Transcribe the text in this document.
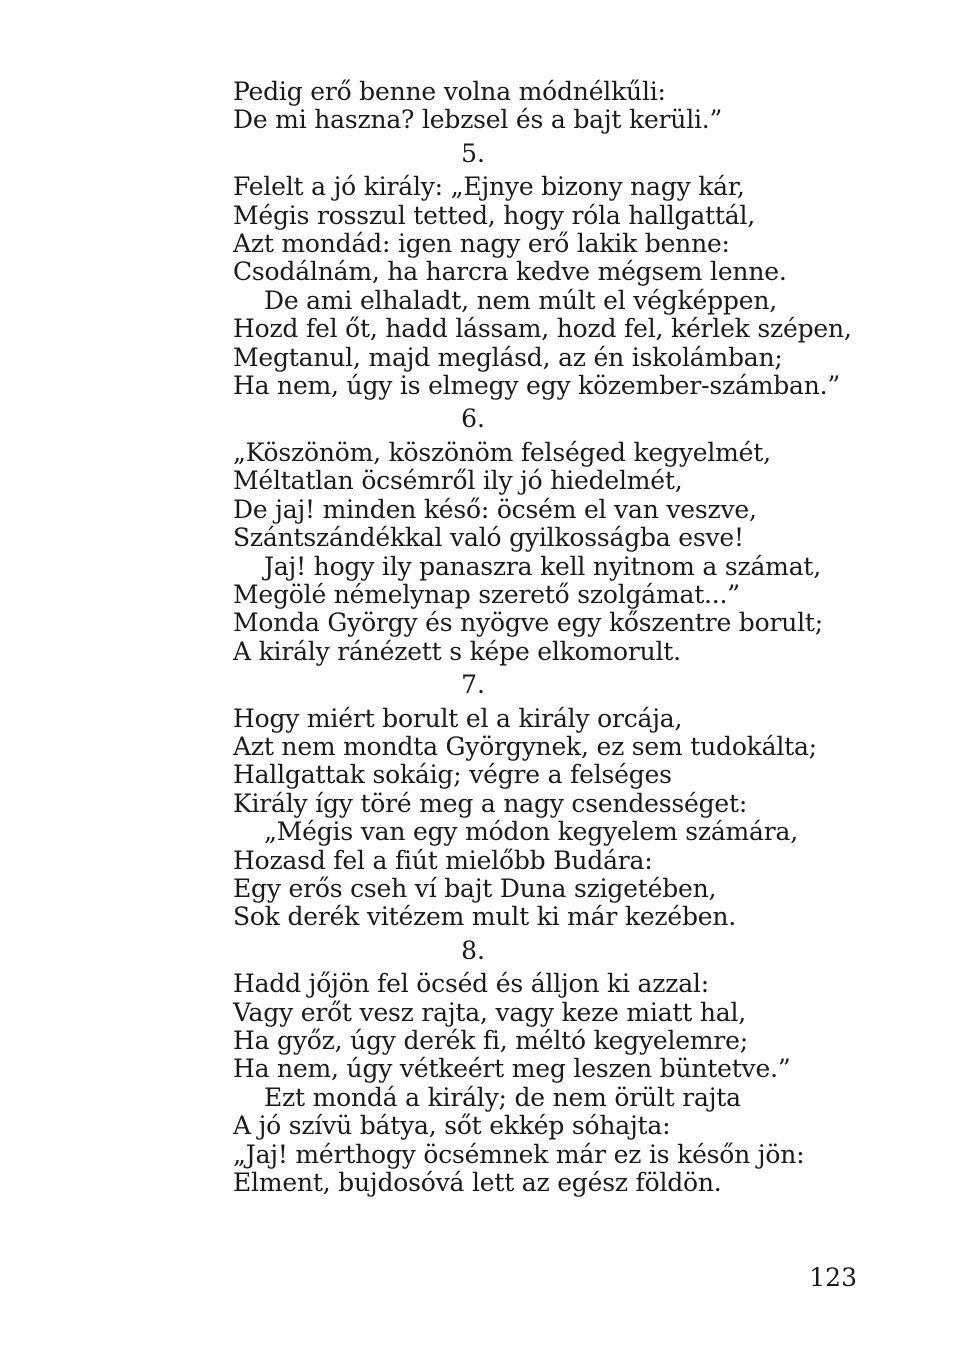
Pedig erő benne volna módnélkűli:
De mi haszna? lebzsel és a bajt kerüli.”
5.
Felelt a jó király: „Ejnye bizony nagy kár,
Mégis rosszul tetted, hogy róla hallgattál,
Azt mondád: igen nagy erő lakik benne:
Csodálnám, ha harcra kedve mégsem lenne.
De ami elhaladt, nem múlt el végképpen,
Hozd fel őt, hadd lássam, hozd fel, kérlek szépen,
Megtanul, majd meglásd, az én iskolámban;
Ha nem, úgy is elmegy egy közember-számban.”
6.
„Köszönöm, köszönöm felséged kegyelmét,
Méltatlan öcsémről ily jó hiedelmét,
De jaj! minden késő: öcsém el van veszve,
Szántszándékkal való gyilkosságba esve!
Jaj! hogy ily panaszra kell nyitnom a számat,
Megölé némelynap szerető szolgámat...”
Monda György és nyögve egy kőszentre borult;
A király ránézett s képe elkomorult.
7.
Hogy miért borult el a király orcája,
Azt nem mondta Györgynek, ez sem tudokálta;
Hallgattak sokáig; végre a felséges
Király így töré meg a nagy csendességet:
„Mégis van egy módon kegyelem számára,
Hozasd fel a fiút mielőbb Budára:
Egy erős cseh ví bajt Duna szigetében,
Sok derék vitézem mult ki már kezében.
8.
Hadd jőjön fel öcséd és álljon ki azzal:
Vagy erőt vesz rajta, vagy keze miatt hal,
Ha győz, úgy derék fi, méltó kegyelemre;
Ha nem, úgy vétkeért meg leszen büntetve.”
Ezt mondá a király; de nem örült rajta
A jó szívü bátya, sőt ekkép sóhajta:
„Jaj! mérthogy öcsémnek már ez is későn jön:
Elment, bujdosóvá lett az egész földön.
123
